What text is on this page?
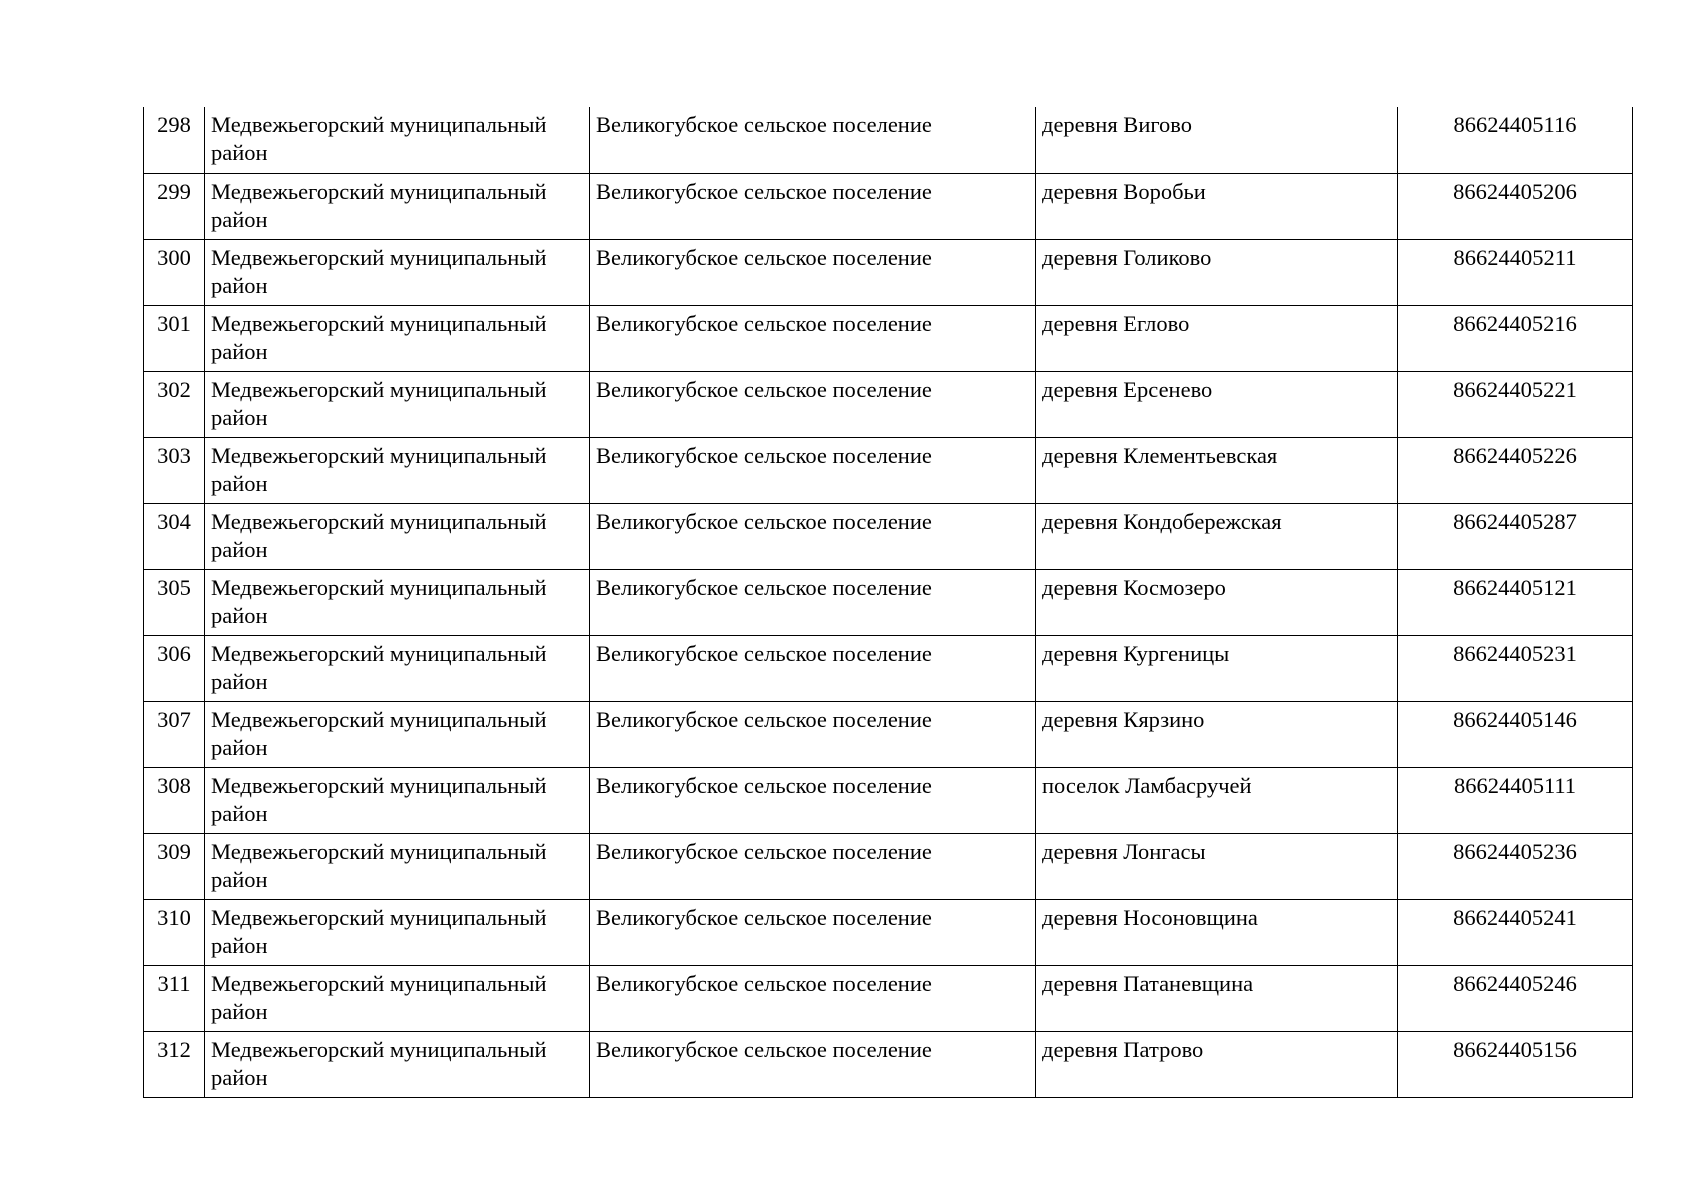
298	Медвежьегорский муниципальный район	Великогубское сельское поселение	деревня Вигово	86624405116
299	Медвежьегорский муниципальный район	Великогубское сельское поселение	деревня Воробьи	86624405206
300	Медвежьегорский муниципальный район	Великогубское сельское поселение	деревня Голиково	86624405211
301	Медвежьегорский муниципальный район	Великогубское сельское поселение	деревня Еглово	86624405216
302	Медвежьегорский муниципальный район	Великогубское сельское поселение	деревня Ерсенево	86624405221
303	Медвежьегорский муниципальный район	Великогубское сельское поселение	деревня Клементьевская	86624405226
304	Медвежьегорский муниципальный район	Великогубское сельское поселение	деревня Кондобережская	86624405287
305	Медвежьегорский муниципальный район	Великогубское сельское поселение	деревня Космозеро	86624405121
306	Медвежьегорский муниципальный район	Великогубское сельское поселение	деревня Кургеницы	86624405231
307	Медвежьегорский муниципальный район	Великогубское сельское поселение	деревня Кярзино	86624405146
308	Медвежьегорский муниципальный район	Великогубское сельское поселение	поселок Ламбасручей	86624405111
309	Медвежьегорский муниципальный район	Великогубское сельское поселение	деревня Лонгасы	86624405236
310	Медвежьегорский муниципальный район	Великогубское сельское поселение	деревня Носоновщина	86624405241
311	Медвежьегорский муниципальный район	Великогубское сельское поселение	деревня Патаневщина	86624405246
312	Медвежьегорский муниципальный район	Великогубское сельское поселение	деревня Патрово	86624405156
